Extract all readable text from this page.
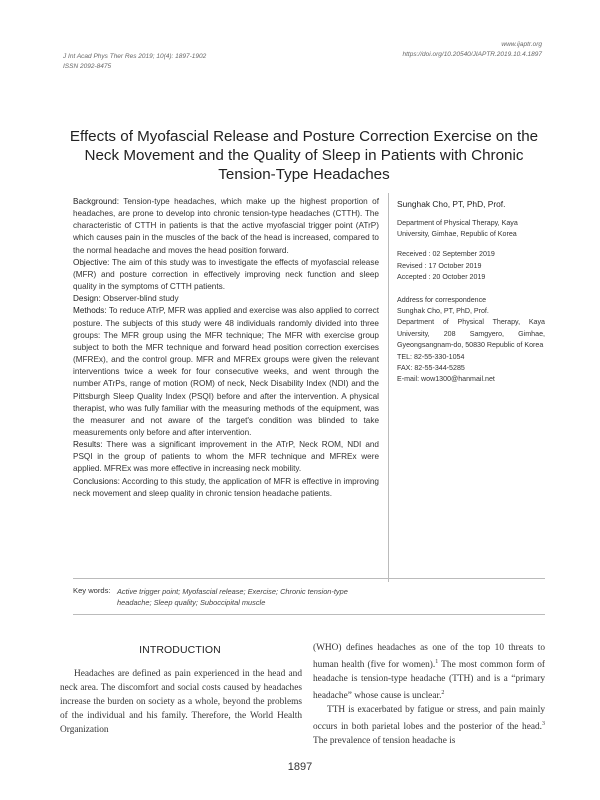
J Int Acad Phys Ther Res 2019; 10(4): 1897-1902
ISSN 2092-8475
www.ijaptr.org
https://doi.org/10.20540/JIAPTR.2019.10.4.1897
Effects of Myofascial Release and Posture Correction Exercise on the Neck Movement and the Quality of Sleep in Patients with Chronic Tension-Type Headaches

Background: Tension-type headaches, which make up the highest proportion of headaches, are prone to develop into chronic tension-type headaches (CTTH). The characteristic of CTTH in patients is that the active myofascial trigger point (ATrP) which causes pain in the muscles of the back of the head is increased, compared to the normal headache and moves the head position forward.

Objective: The aim of this study was to investigate the effects of myofascial release (MFR) and posture correction in effectively improving neck function and sleep quality in the symptoms of CTTH patients.

Design: Observer-blind study

Methods: To reduce ATrP, MFR was applied and exercise was also applied to correct posture. The subjects of this study were 48 individuals randomly divided into three groups: The MFR group using the MFR technique; The MFR with exercise group subject to both the MFR technique and forward head position correction exercises (MFREx), and the control group. MFR and MFREx groups were given the relevant interventions twice a week for four consecutive weeks, and went through the number ATrPs, range of motion (ROM) of neck, Neck Disability Index (NDI) and the Pittsburgh Sleep Quality Index (PSQI) before and after the intervention. A physical therapist, who was fully familiar with the measuring methods of the equipment, was the measurer and not aware of the target's condition was blinded to take measurements only before and after intervention.

Results: There was a significant improvement in the ATrP, Neck ROM, NDI and PSQI in the group of patients to whom the MFR technique and MFREx were applied. MFREx was more effective in increasing neck mobility.

Conclusions: According to this study, the application of MFR is effective in improving neck movement and sleep quality in chronic tension headache patients.

Sunghak Cho, PT, PhD, Prof.
Department of Physical Therapy, Kaya University, Gimhae, Republic of Korea
Received : 02 September 2019
Revised : 17 October 2019
Accepted : 20 October 2019
Address for correspondence
Sunghak Cho, PT, PhD, Prof.
Department of Physical Therapy, Kaya University, 208 Samgyero, Gimhae, Gyeongsangnam-do, 50830 Republic of Korea
TEL: 82-55-330-1054
FAX: 82-55-344-5285
E-mail: wow1300@hanmail.net
Key words: Active trigger point; Myofascial release; Exercise; Chronic tension-type headache; Sleep quality; Suboccipital muscle
INTRODUCTION

Headaches are defined as pain experienced in the head and neck area. The discomfort and social costs caused by headaches increase the burden on society as a whole, beyond the problems of the individual and his family. Therefore, the World Health Organization

(WHO) defines headaches as one of the top 10 threats to human health (five for women).$^1$ The most common form of headache is tension-type headache (TTH) and is a “primary headache” whose cause is unclear.$^2$

TTH is exacerbated by fatigue or stress, and pain mainly occurs in both parietal lobes and the posterior of the head.$^3$ The prevalence of tension headache is

1897
